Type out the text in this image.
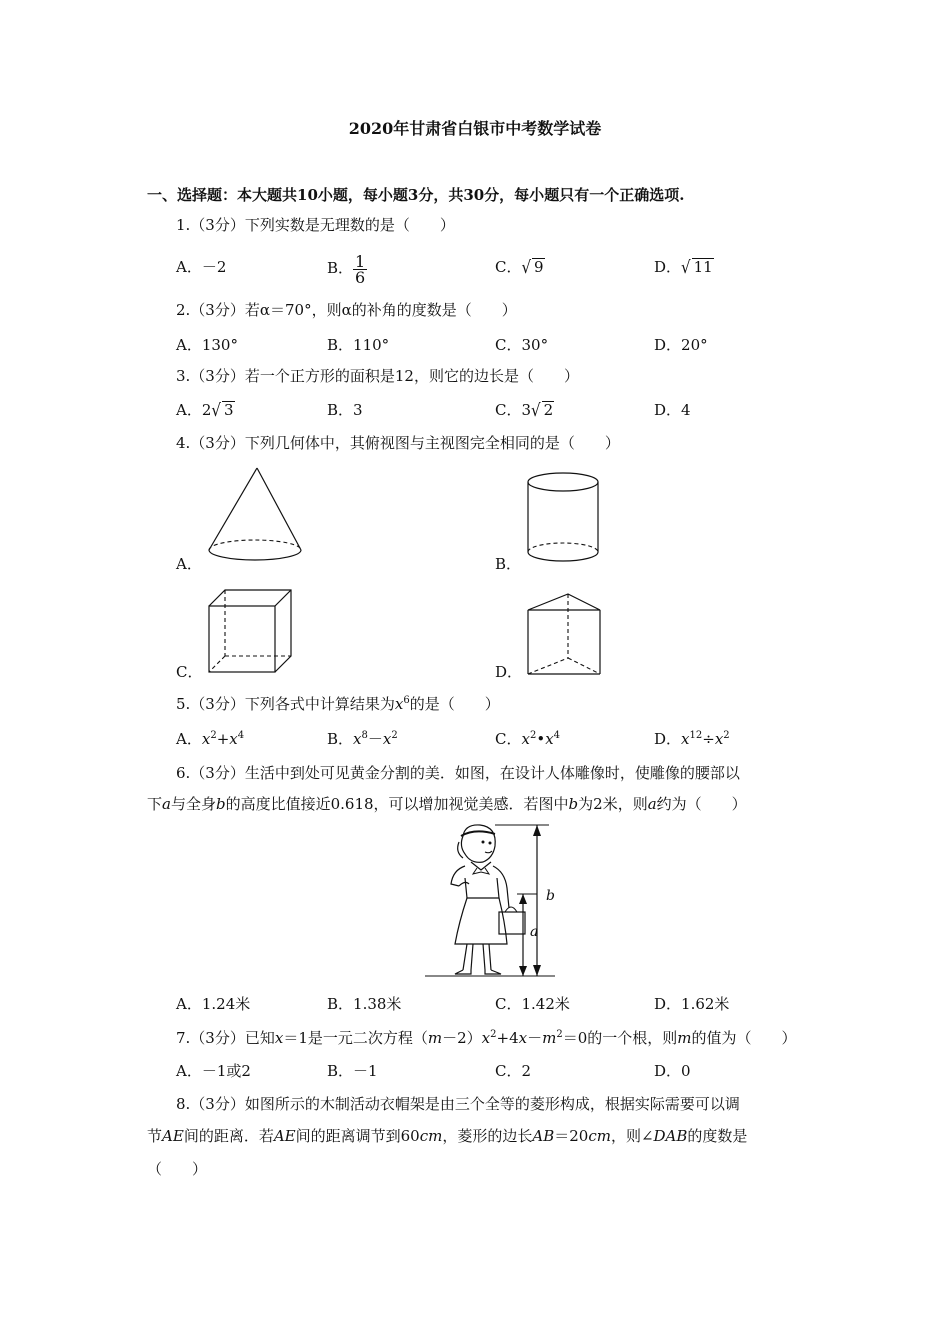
2020年甘肃省白银市中考数学试卷
一、选择题：本大题共10小题，每小题3分，共30分，每小题只有一个正确选项.
1.（3分）下列实数是无理数的是（　　）
A．－2	B． $\frac{1}{6}$	C．√ 9	D．√ 11
2.（3分）若α＝70°，则α的补角的度数是（　　）
A．130°	B．110°	C．30°	D．20°
3.（3分）若一个正方形的面积是12，则它的边长是（　　）
A．2√ 3	B．3	C．3√ 2	D．4
4.（3分）下列几何体中，其俯视图与主视图完全相同的是（　　）
A．	B．
C．	D．
5.（3分）下列各式中计算结果为$x^6$的是（　　）
A．$x^2+x^4$	B．$x^8-x^2$	C．$x^2•x^4$	D．$x^{12}\div x^2$
6.（3分）生活中到处可见黄金分割的美．如图，在设计人体雕像时，使雕像的腰部以
下a与全身b的高度比值接近0.618，可以增加视觉美感．若图中b为2米，则a约为（　　）
b
a
A．1.24米	B．1.38米	C．1.42米	D．1.62米
7.（3分）已知x＝1是一元二次方程$(m-2)x^2+4x-m^2=0$的一个根，则m的值为（　　）
A．－1或2	B．－1	C．2	D．0
8.（3分）如图所示的木制活动衣帽架是由三个全等的菱形构成，根据实际需要可以调
节AE间的距离．若AE间的距离调节到60cm，菱形的边长AB＝20cm，则∠DAB的度数是
（　　）
